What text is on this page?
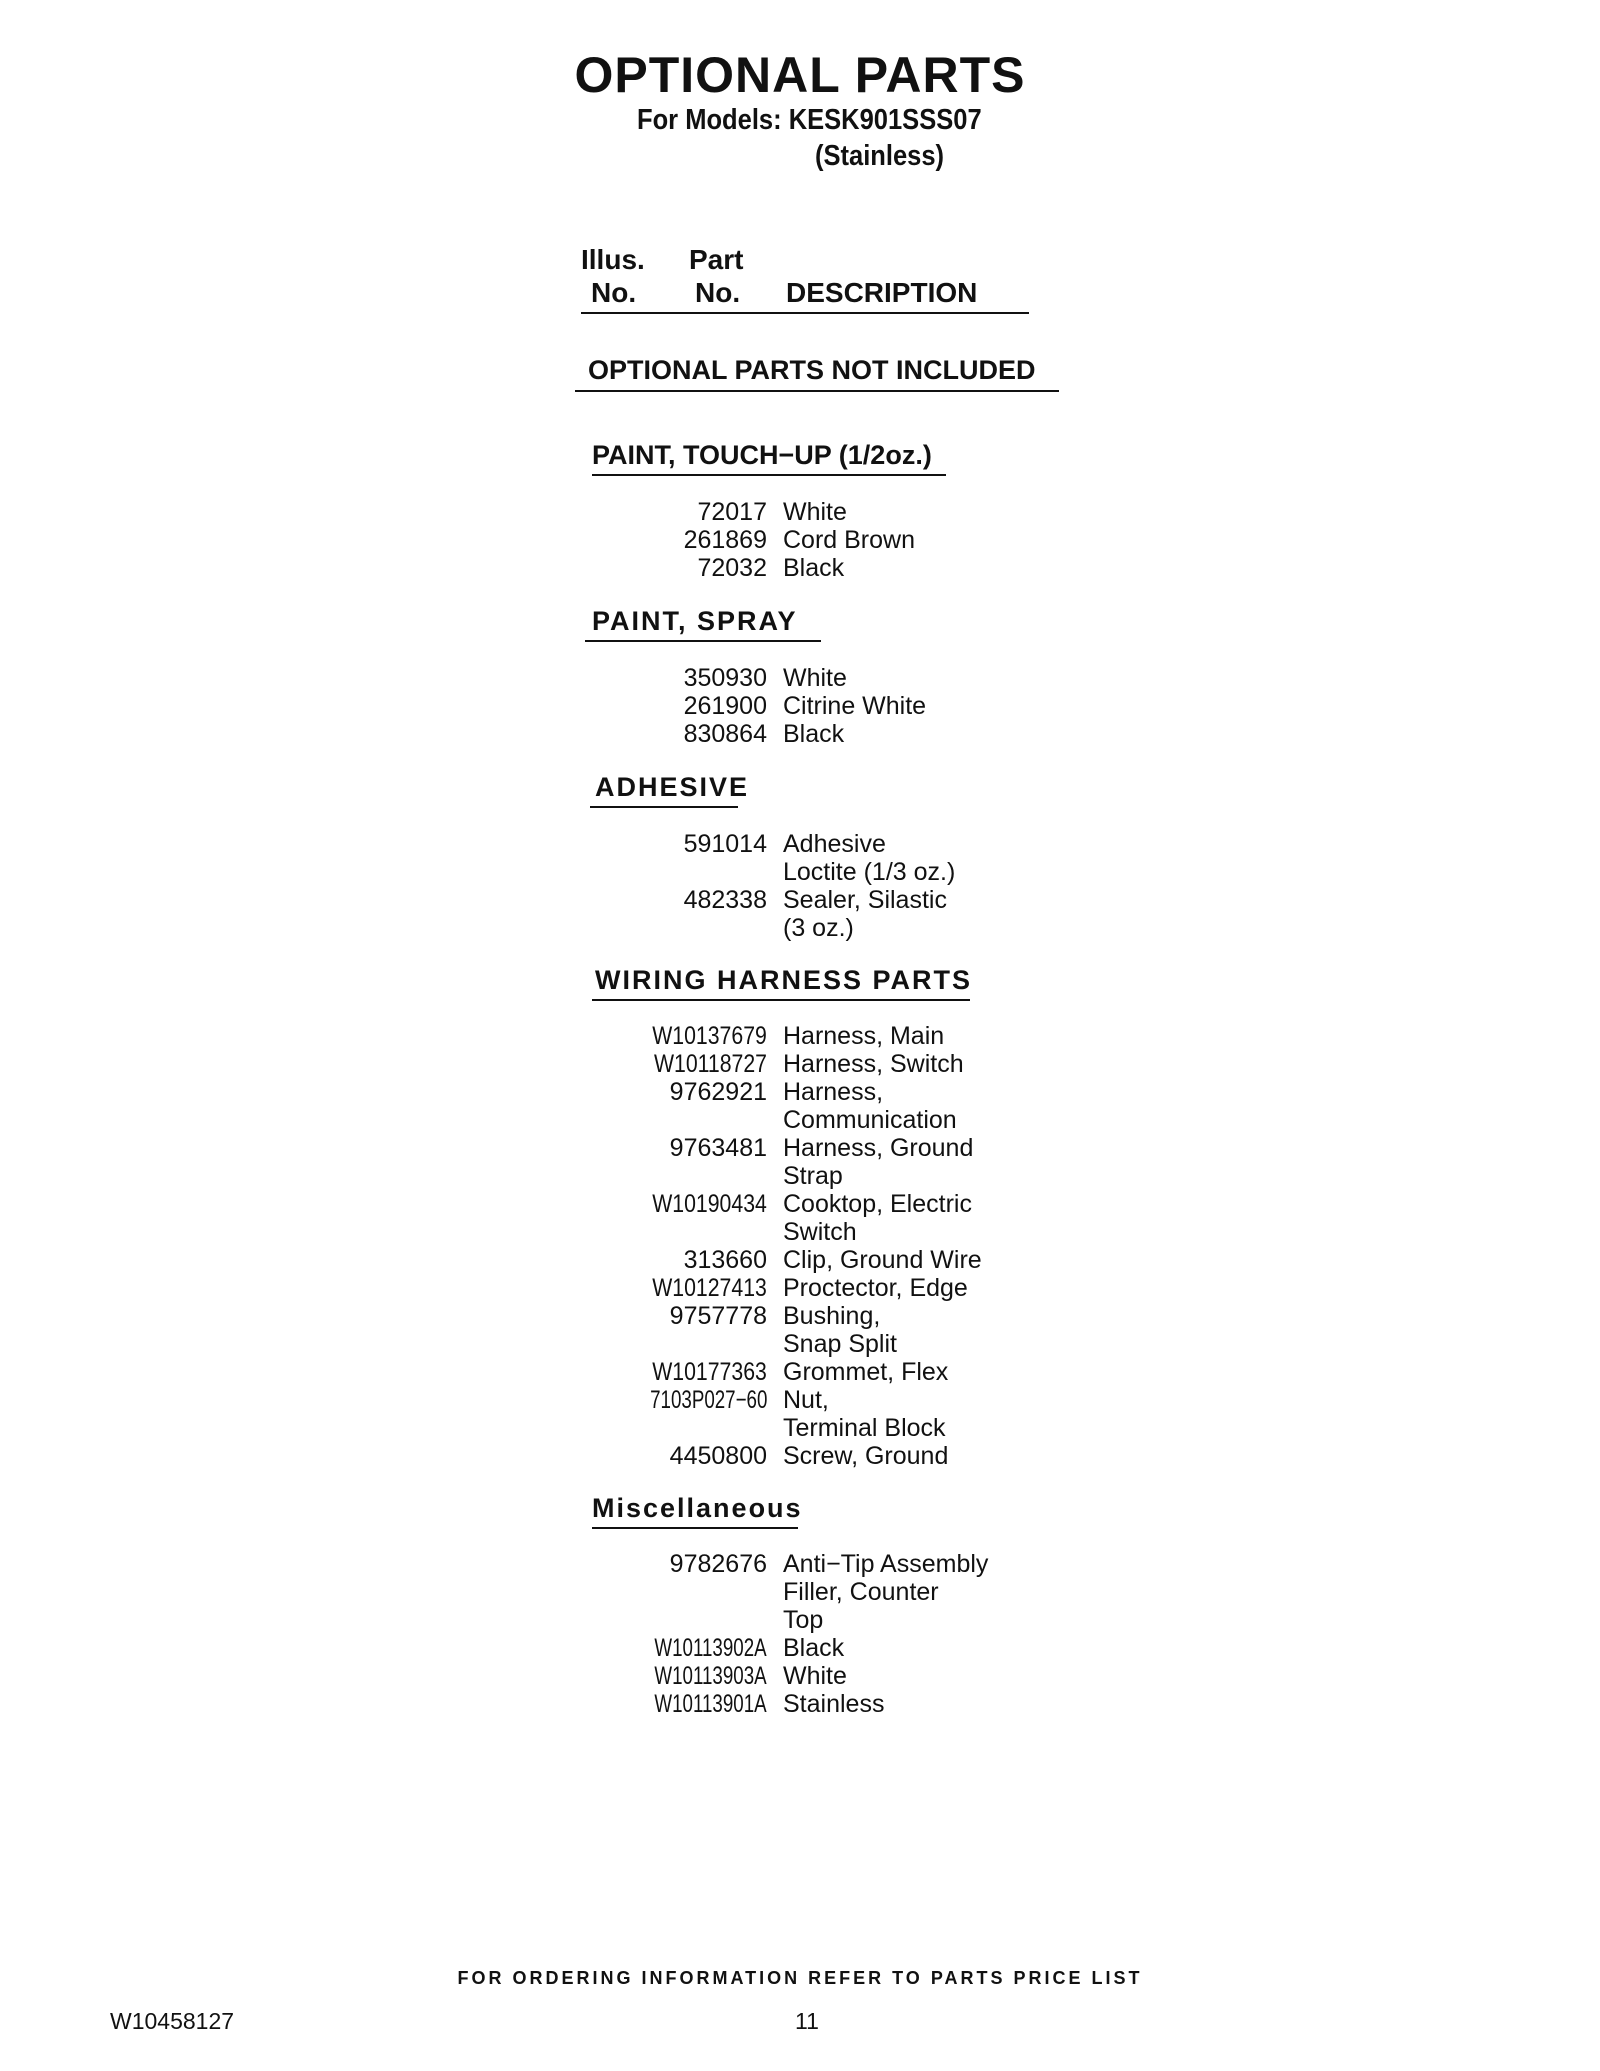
OPTIONAL PARTS
For Models: KESK901SSS07
(Stainless)
Illus.
No.
Part
No. DESCRIPTION
OPTIONAL PARTS NOT INCLUDED
PAINT, TOUCH−UP (1/2oz.)
72017 White
261869 Cord Brown
72032 Black
PAINT, SPRAY
350930 White
261900 Citrine White
830864 Black
ADHESIVE
591014 Adhesive
Loctite (1/3 oz.)
482338 Sealer, Silastic
(3 oz.)
WIRING HARNESS PARTS
W10137679 Harness, Main
W10118727 Harness, Switch
9762921 Harness,
Communication
9763481 Harness, Ground
Strap
W10190434 Cooktop, Electric
Switch
313660 Clip, Ground Wire
W10127413 Proctector, Edge
9757778 Bushing,
Snap Split
W10177363 Grommet, Flex
7103P027−60 Nut,
Terminal Block
4450800 Screw, Ground
Miscellaneous
9782676 Anti−Tip Assembly
Filler, Counter
Top
W10113902A Black
W10113903A White
W10113901A Stainless
FOR ORDERING INFORMATION REFER TO PARTS PRICE LIST
W10458127	11
